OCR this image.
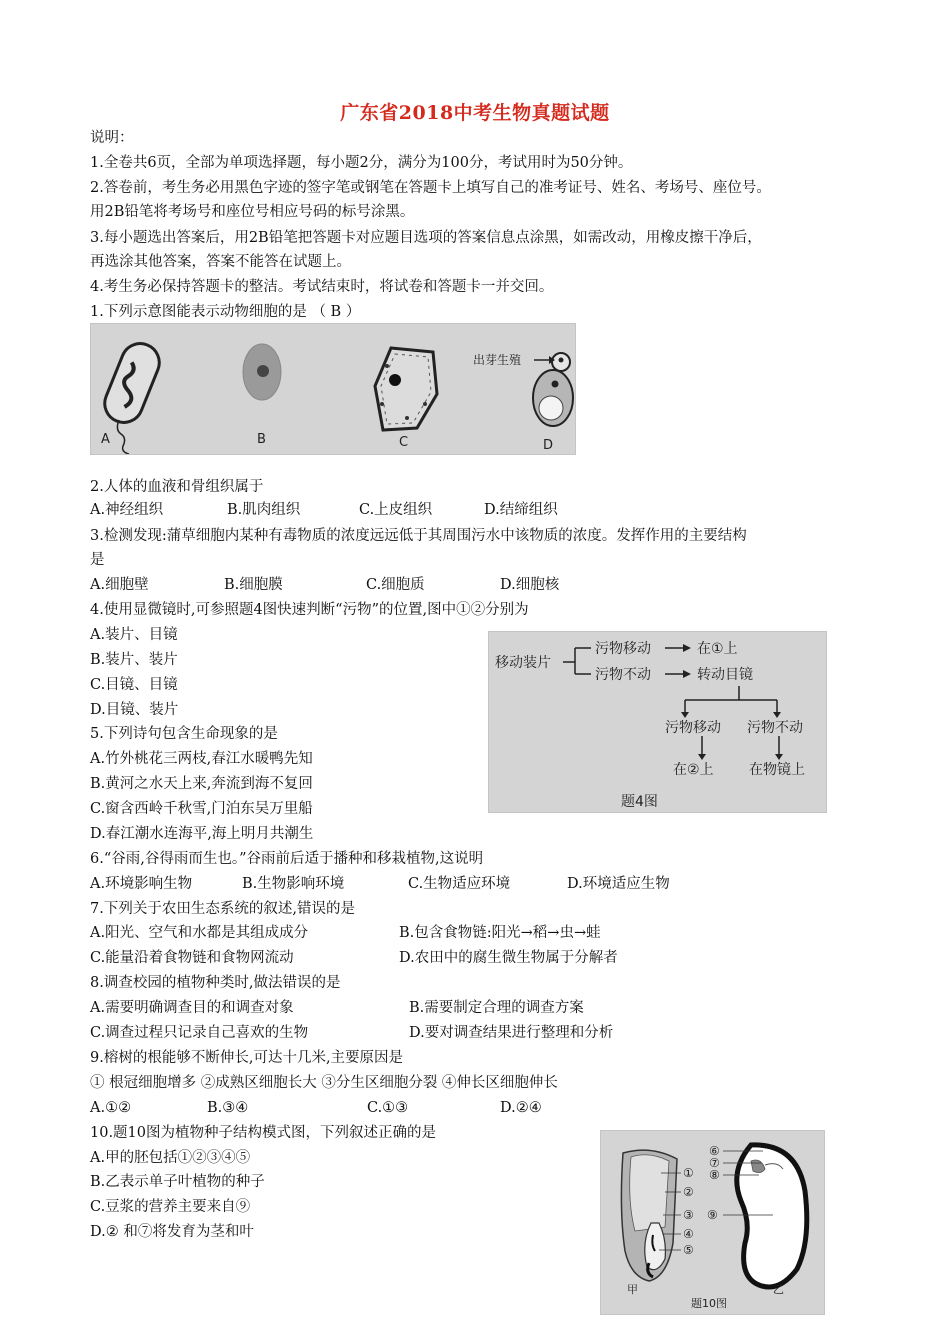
广东省2018中考生物真题试题
说明：
1.全卷共6页，全部为单项选择题，每小题2分，满分为100分，考试用时为50分钟。
2.答卷前，考生务必用黑色字迹的签字笔或钢笔在答题卡上填写自己的准考证号、姓名、考场号、座位号。
用2B铅笔将考场号和座位号相应号码的标号涂黑。
3.每小题选出答案后，用2B铅笔把答题卡对应题目选项的答案信息点涂黑，如需改动，用橡皮擦干净后，
再选涂其他答案，答案不能答在试题上。
4.考生务必保持答题卡的整洁。考试结束时，将试卷和答题卡一并交回。
1.下列示意图能表示动物细胞的是 （ B ）
出芽生殖
A	B	C	D
2.人体的血液和骨组织属于
A.神经组织	B.肌肉组织	C.上皮组织	D.结缔组织
3.检测发现:蒲草细胞内某种有毒物质的浓度远远低于其周围污水中该物质的浓度。发挥作用的主要结构
是
A.细胞壁	B.细胞膜	C.细胞质	D.细胞核
4.使用显微镜时,可参照题4图快速判断“污物”的位置,图中①②分别为
A.装片、目镜
B.装片、装片
C.目镜、目镜
D.目镜、装片
移动装片
污物移动
污物不动
在①上
转动目镜
污物移动 污物不动
在②上	在物镜上
题4图
5.下列诗句包含生命现象的是
A.竹外桃花三两枝,春江水暖鸭先知
B.黄河之水天上来,奔流到海不复回
C.窗含西岭千秋雪,门泊东吴万里船
D.春江潮水连海平,海上明月共潮生
6.“谷雨,谷得雨而生也。”谷雨前后适于播种和移栽植物,这说明
A.环境影响生物	B.生物影响环境	C.生物适应环境	D.环境适应生物
7.下列关于农田生态系统的叙述,错误的是
A.阳光、空气和水都是其组成成分	B.包含食物链:阳光→稻→虫→蛙
C.能量沿着食物链和食物网流动	D.农田中的腐生微生物属于分解者
8.调查校园的植物种类时,做法错误的是
A.需要明确调查目的和调查对象	B.需要制定合理的调查方案
C.调查过程只记录自己喜欢的生物	D.要对调查结果进行整理和分析
9.榕树的根能够不断伸长,可达十几米,主要原因是
① 根冠细胞增多 ②成熟区细胞长大 ③分生区细胞分裂 ④伸长区细胞伸长
A.①②	B.③④	C.①③	D.②④
10.题10图为植物种子结构模式图，下列叙述正确的是
A.甲的胚包括①②③④⑤
B.乙表示单子叶植物的种子
C.豆浆的营养主要来自⑨
D.② 和⑦将发育为茎和叶
①
②
③
④
⑤
⑥
⑦
⑧
⑨
甲	乙
题10图
